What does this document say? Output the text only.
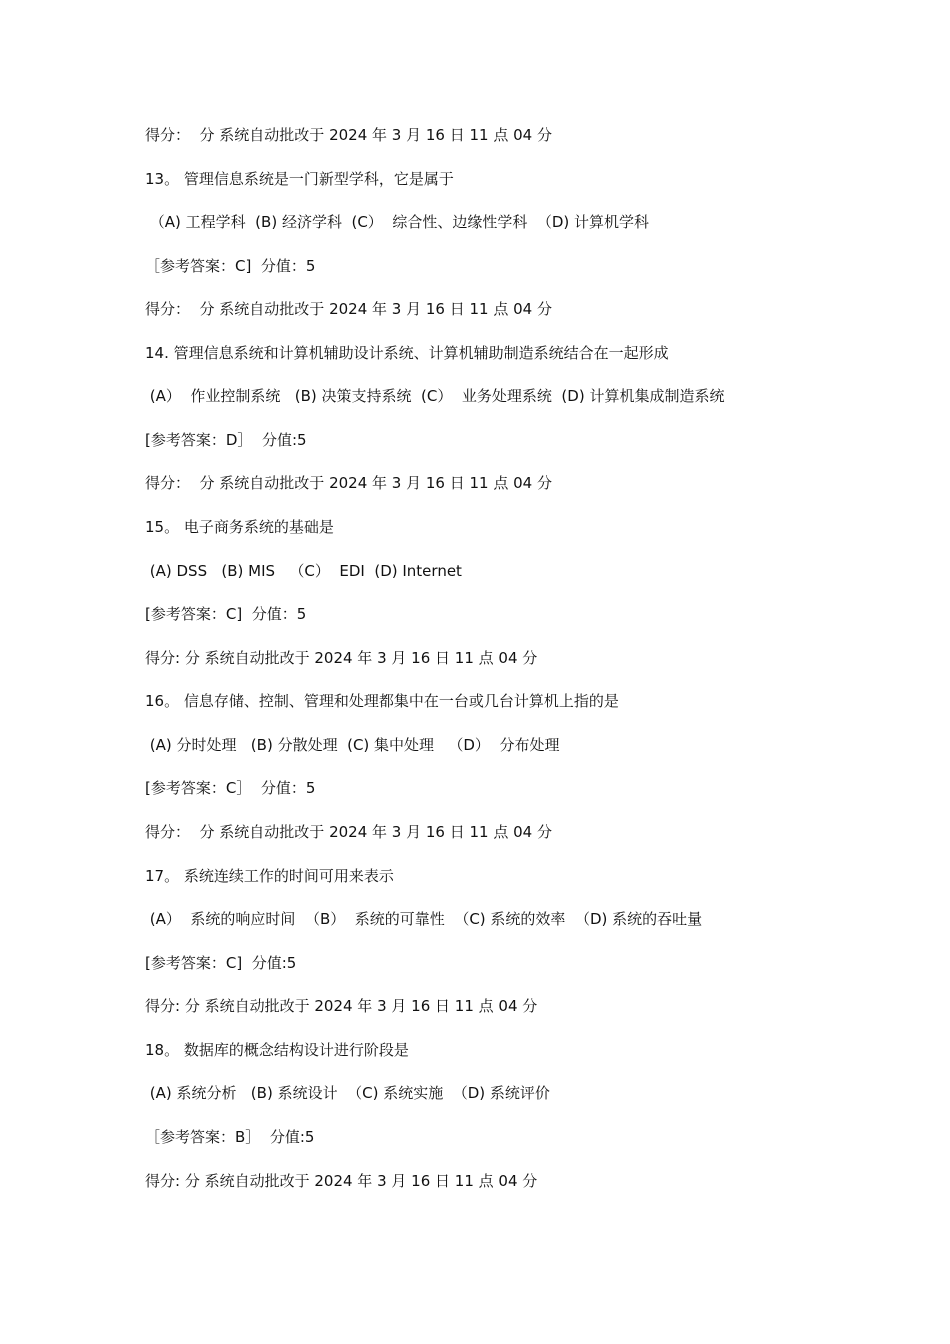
得分：  分 系统自动批改于 2024 年 3 月 16 日 11 点 04 分
13。 管理信息系统是一门新型学科，它是属于
（A) 工程学科  (B) 经济学科  (C）  综合性、边缘性学科  （D) 计算机学科
［参考答案：C]  分值：5
得分：  分 系统自动批改于 2024 年 3 月 16 日 11 点 04 分
14. 管理信息系统和计算机辅助设计系统、计算机辅助制造系统结合在一起形成
(A）  作业控制系统   (B) 决策支持系统  (C）  业务处理系统  (D) 计算机集成制造系统
[参考答案：D］  分值:5
得分：  分 系统自动批改于 2024 年 3 月 16 日 11 点 04 分
15。 电子商务系统的基础是
(A) DSS   (B) MIS   （C）  EDI  (D) Internet
[参考答案：C]  分值：5
得分: 分 系统自动批改于 2024 年 3 月 16 日 11 点 04 分
16。 信息存储、控制、管理和处理都集中在一台或几台计算机上指的是
(A) 分时处理   (B) 分散处理  (C) 集中处理   （D）  分布处理
[参考答案：C］  分值：5
得分：  分 系统自动批改于 2024 年 3 月 16 日 11 点 04 分
17。 系统连续工作的时间可用来表示
(A）  系统的响应时间  （B）  系统的可靠性  （C) 系统的效率  （D) 系统的吞吐量
[参考答案：C]  分值:5
得分: 分 系统自动批改于 2024 年 3 月 16 日 11 点 04 分
18。 数据库的概念结构设计进行阶段是
(A) 系统分析   (B) 系统设计  （C) 系统实施  （D) 系统评价
［参考答案：B］  分值:5
得分: 分 系统自动批改于 2024 年 3 月 16 日 11 点 04 分
